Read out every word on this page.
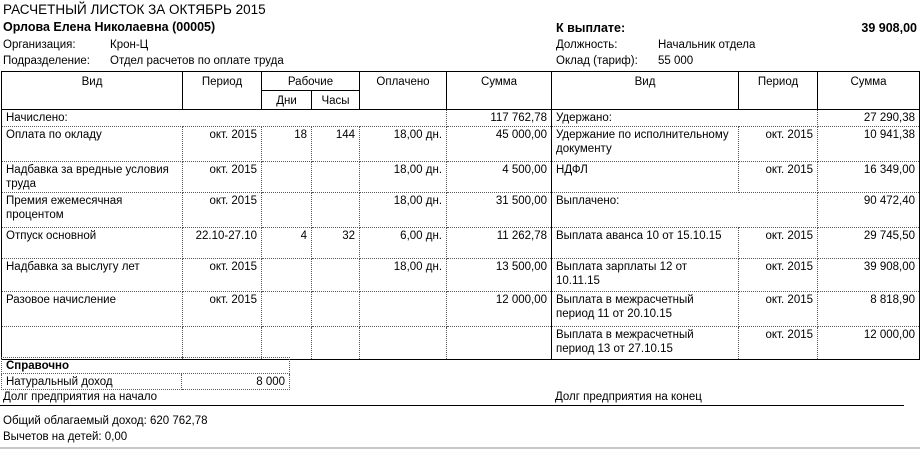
РАСЧЕТНЫЙ ЛИСТОК ЗА ОКТЯБРЬ 2015
Орлова Елена Николаевна (00005)	К выплате:	39 908,00
Организация:	Крон-Ц
Подразделение: Отдел расчетов по оплате труда
Должность:	Начальник отдела
Оклад (тариф): 55 000
Вид	Период	Рабочие		Оплачено	Сумма	Вид	Период	Сумма
		Дни	Часы					
Начислено:					117 762,78	Удержано:		27 290,38
Оплата по окладу	окт. 2015	18	144	18,00 дн.	45 000,00	Удержание по исполнительному документу	окт. 2015	10 941,38
Надбавка за вредные условия труда	окт. 2015			18,00 дн.	4 500,00	НДФЛ	окт. 2015	16 349,00
Премия ежемесячная процентом	окт. 2015			18,00 дн.	31 500,00	Выплачено:		90 472,40
Отпуск основной	22.10-27.10	4	32	6,00 дн.	11 262,78	Выплата аванса 10 от 15.10.15	окт. 2015	29 745,50
Надбавка за выслугу лет	окт. 2015			18,00 дн.	13 500,00	Выплата зарплаты 12 от 10.11.15	окт. 2015	39 908,00
Разовое начисление	окт. 2015				12 000,00	Выплата в межрасчетный период 11 от 20.10.15	окт. 2015	8 818,90
						Выплата в межрасчетный период 13 от 27.10.15	окт. 2015	12 000,00
Справочно
Натуральный доход	8 000
Долг предприятия на начало	Долг предприятия на конец
Общий облагаемый доход: 620 762,78
Вычетов на детей: 0,00
